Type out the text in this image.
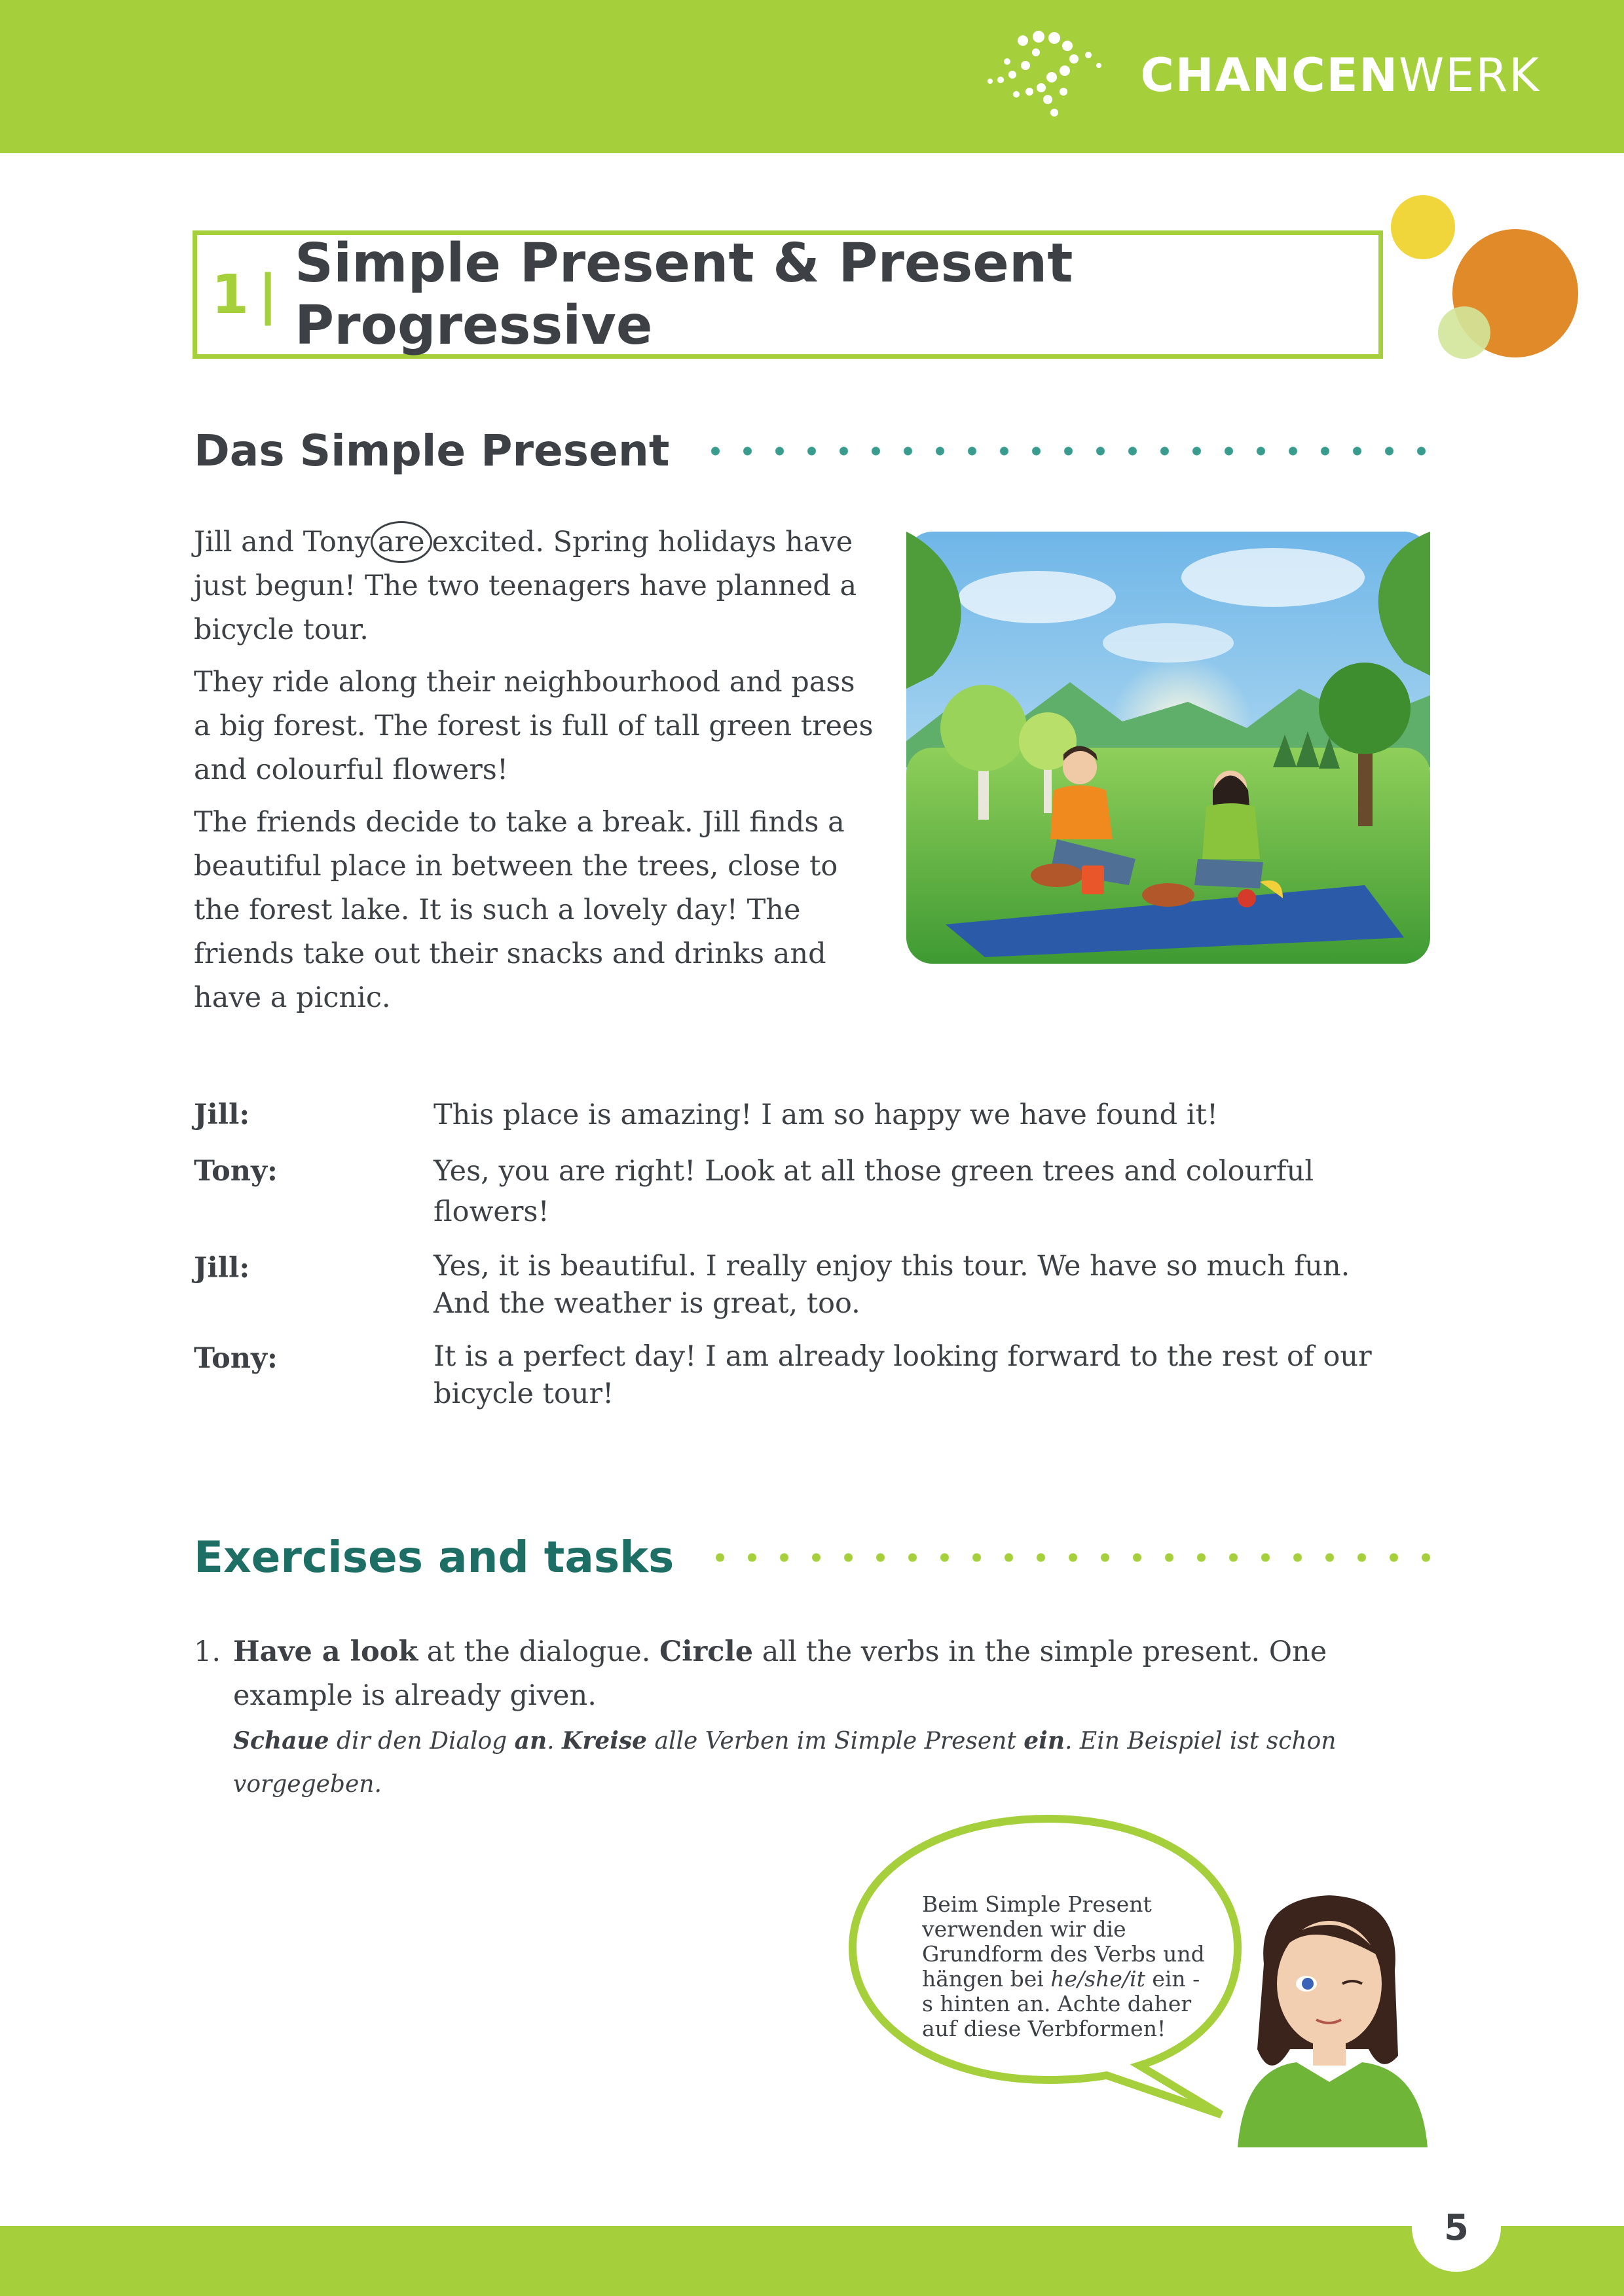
CHANCENWERK
1 | Simple Present & Present Progressive
Das Simple Present

Jill and Tony are excited. Spring holidays have just begun! The two teenagers have planned a bicycle tour.

They ride along their neighbourhood and pass a big forest. The forest is full of tall green trees and colourful flowers!

The friends decide to take a break. Jill finds a beautiful place in between the trees, close to the forest lake. It is such a lovely day! The friends take out their snacks and drinks and have a picnic.

Jill:	This place is amazing! I am so happy we have found it!
Tony:	Yes, you are right! Look at all those green trees and colourful flowers!
Jill:	Yes, it is beautiful. I really enjoy this tour. We have so much fun. And the weather is great, too.
Tony:	It is a perfect day! I am already looking forward to the rest of our bicycle tour!
Exercises and tasks
1. Have a look at the dialogue. Circle all the verbs in the simple present. One example is already given.
Schaue dir den Dialog an. Kreise alle Verben im Simple Present ein. Ein Beispiel ist schon vorgegeben.
Beim Simple Present verwenden wir die Grundform des Verbs und hängen bei he/she/it ein -s hinten an. Achte daher auf diese Verbformen!
5
